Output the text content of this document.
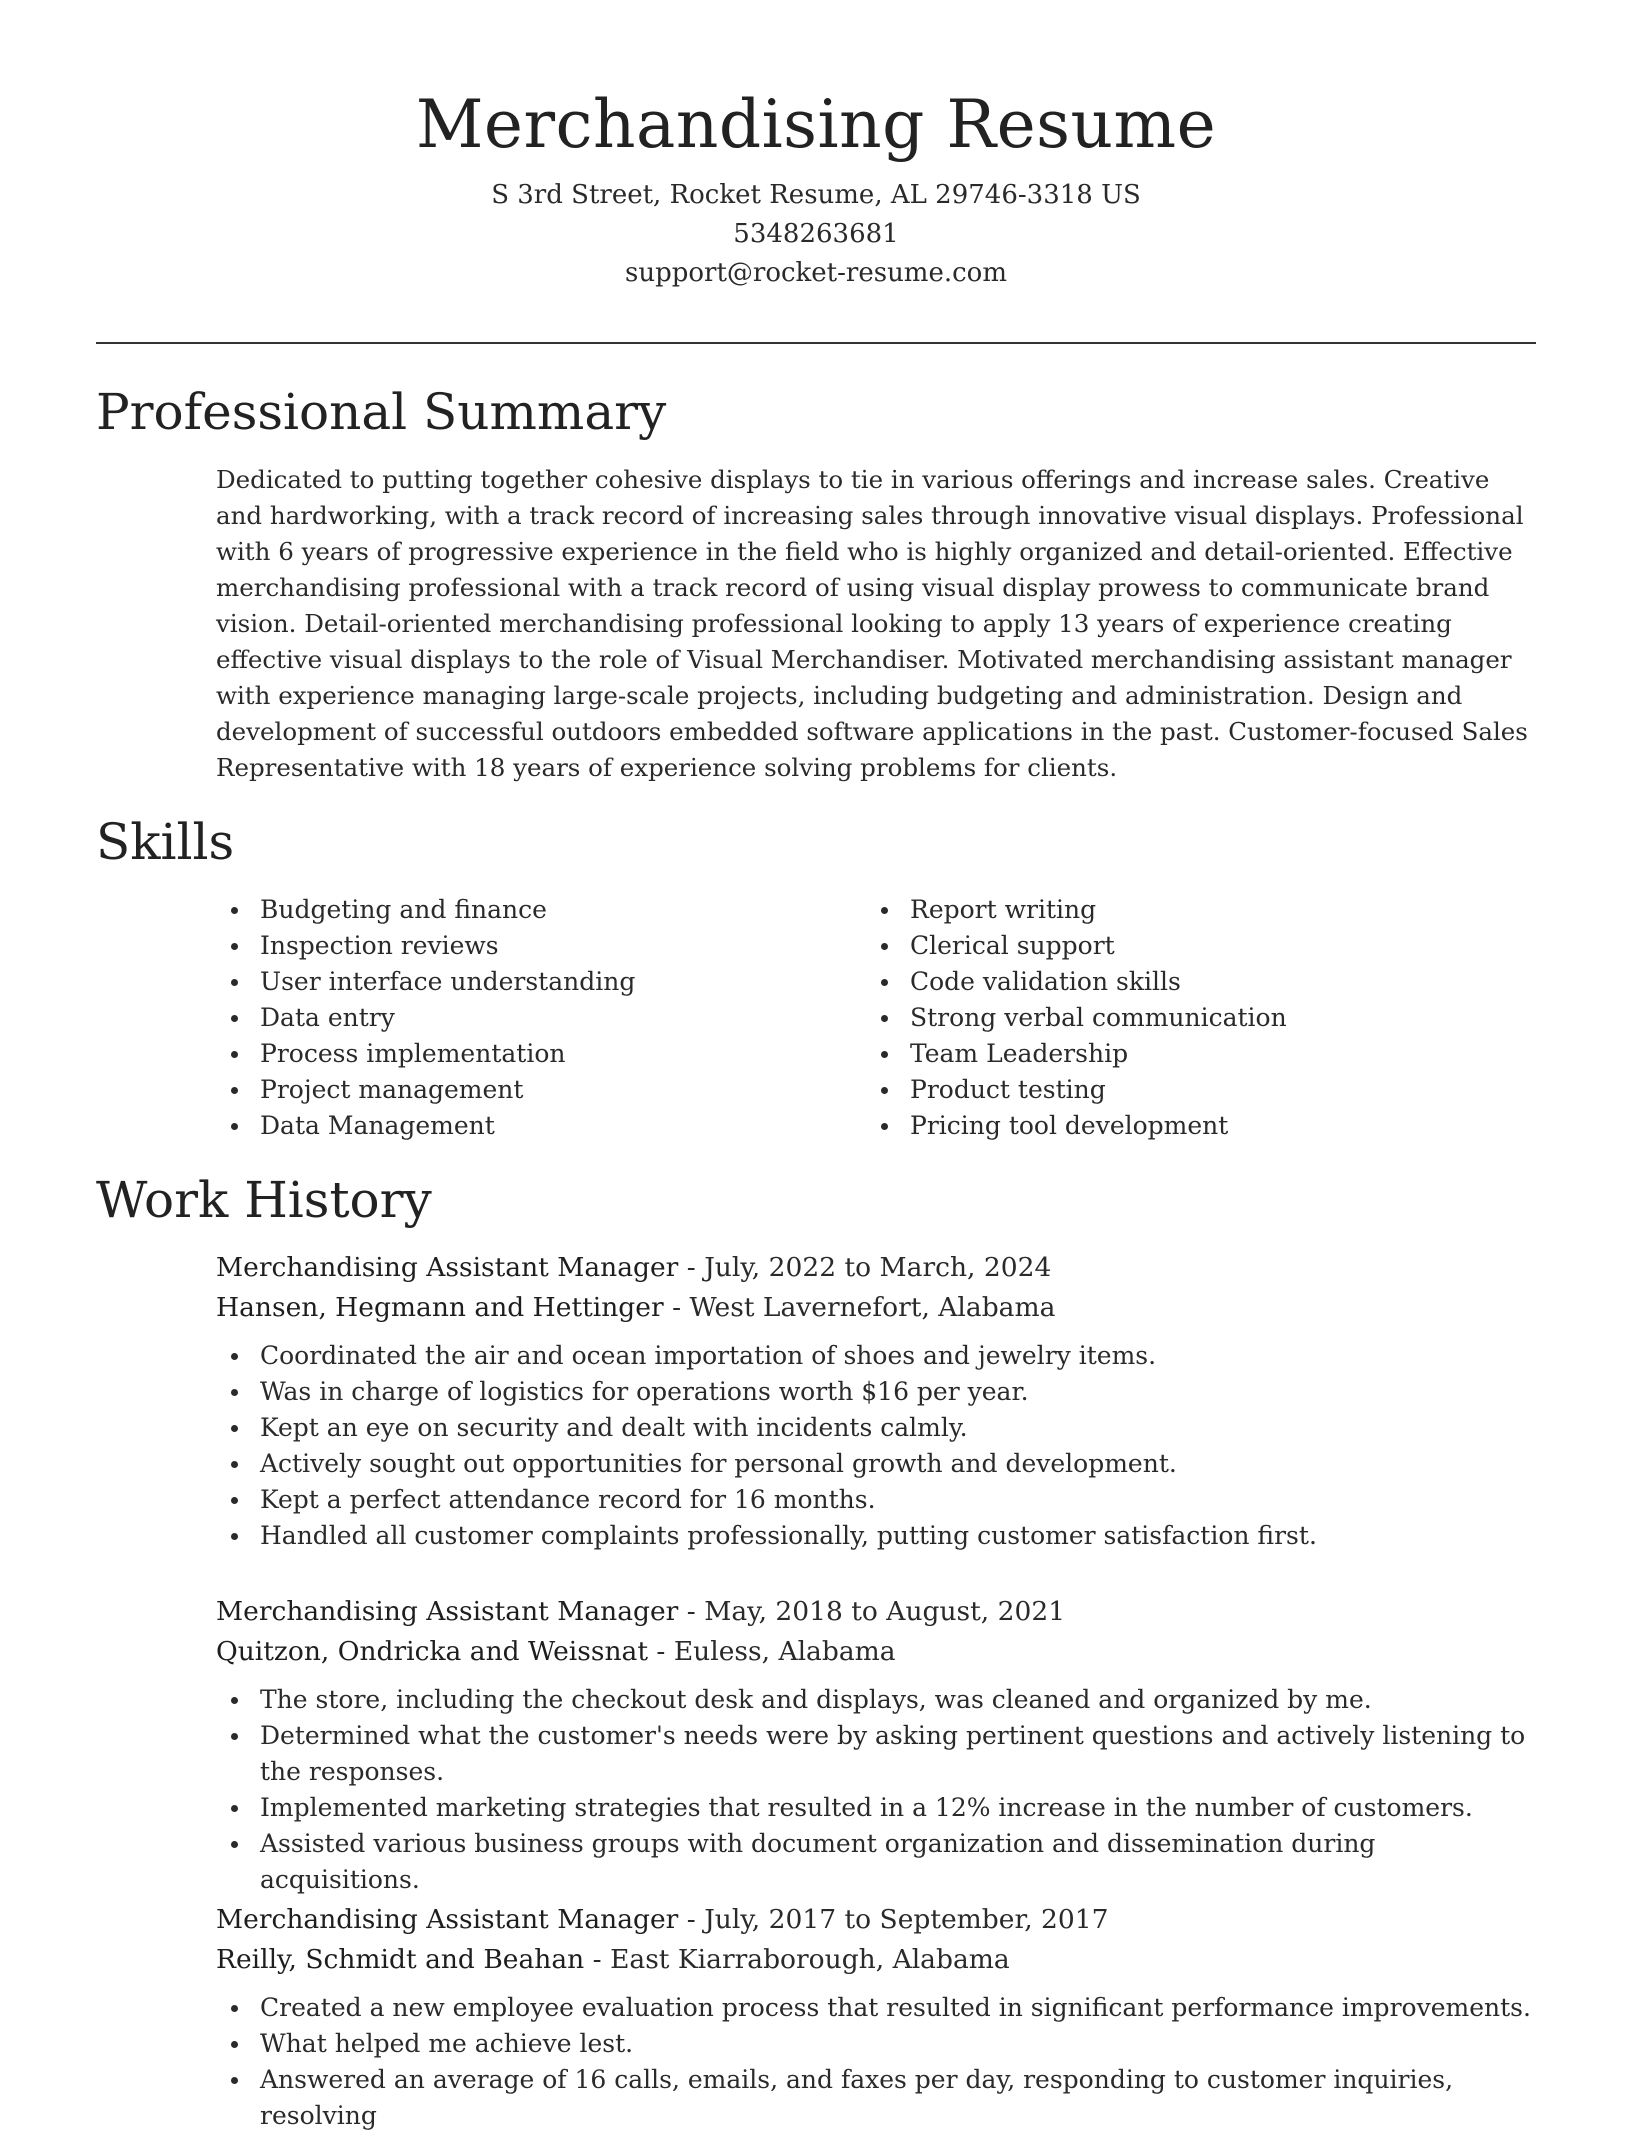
Merchandising Resume

S 3rd Street, Rocket Resume, AL 29746-3318 US

5348263681

support@rocket-resume.com

Professional Summary

Dedicated to putting together cohesive displays to tie in various offerings and increase sales. Creative and hardworking, with a track record of increasing sales through innovative visual displays. Professional with 6 years of progressive experience in the field who is highly organized and detail-oriented. Effective merchandising professional with a track record of using visual display prowess to communicate brand vision. Detail-oriented merchandising professional looking to apply 13 years of experience creating effective visual displays to the role of Visual Merchandiser. Motivated merchandising assistant manager with experience managing large-scale projects, including budgeting and administration. Design and development of successful outdoors embedded software applications in the past. Customer-focused Sales Representative with 18 years of experience solving problems for clients.

Skills
Budgeting and finance
Inspection reviews
User interface understanding
Data entry
Process implementation
Project management
Data Management
Report writing
Clerical support
Code validation skills
Strong verbal communication
Team Leadership
Product testing
Pricing tool development
Work History

Merchandising Assistant Manager - July, 2022 to March, 2024

Hansen, Hegmann and Hettinger - West Lavernefort, Alabama

Coordinated the air and ocean importation of shoes and jewelry items.
Was in charge of logistics for operations worth $16 per year.
Kept an eye on security and dealt with incidents calmly.
Actively sought out opportunities for personal growth and development.
Kept a perfect attendance record for 16 months.
Handled all customer complaints professionally, putting customer satisfaction first.

Merchandising Assistant Manager - May, 2018 to August, 2021

Quitzon, Ondricka and Weissnat - Euless, Alabama

The store, including the checkout desk and displays, was cleaned and organized by me.
Determined what the customer's needs were by asking pertinent questions and actively listening to the responses.
Implemented marketing strategies that resulted in a 12% increase in the number of customers.
Assisted various business groups with document organization and dissemination during acquisitions.

Merchandising Assistant Manager - July, 2017 to September, 2017

Reilly, Schmidt and Beahan - East Kiarraborough, Alabama

Created a new employee evaluation process that resulted in significant performance improvements.
What helped me achieve lest.
Answered an average of 16 calls, emails, and faxes per day, responding to customer inquiries, resolving
